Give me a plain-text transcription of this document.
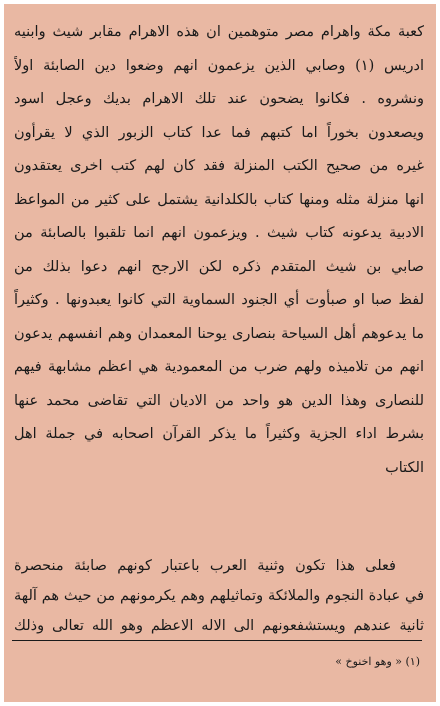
كعبة مكة واهرام مصر متوهمين ان هذه الاهرام مقابر شيث وابنيه
ادريس (١) وصابي الذين يزعمون انهم وضعوا دين الصابئة اولاً
ونشروه . فكانوا يضحون عند تلك الاهرام بديك وعجل اسود
ويصعدون بخوراً اما كتبهم فما عدا كتاب الزبور الذي لا يقرأون
غيره من صحيح الكتب المنزلة فقد كان لهم كتب اخرى يعتقدون
انها منزلة مثله ومنها كتاب بالكلدانية يشتمل على كثير من المواعظ
الادبية يدعونه كتاب شيث . ويزعمون انهم انما تلقبوا بالصابئة من
صابي بن شيث المتقدم ذكره لكن الارجح انهم دعوا بذلك من
لفظ صبا او صبأوت أي الجنود السماوية التي كانوا يعبدونها . وكثيراً
ما يدعوهم أهل السياحة بنصارى يوحنا المعمدان وهم انفسهم يدعون
انهم من تلاميذه ولهم ضرب من المعمودية هي اعظم مشابهة فيهم
للنصارى وهذا الدين هو واحد من الاديان التي تقاضى محمد عنها
بشرط اداء الجزية وكثيراً ما يذكر القرآن اصحابه في جملة اهل
الكتاب
فعلى هذا تكون وثنية العرب باعتبار كونهم صابئة منحصرة
في عبادة النجوم والملائكة وتماثيلهم وهم يكرمونهم من حيث هم آلهة
ثانية عندهم ويستشفعونهم الى الاله الاعظم وهو الله تعالى وذلك
(١) « وهو اخنوخ »
